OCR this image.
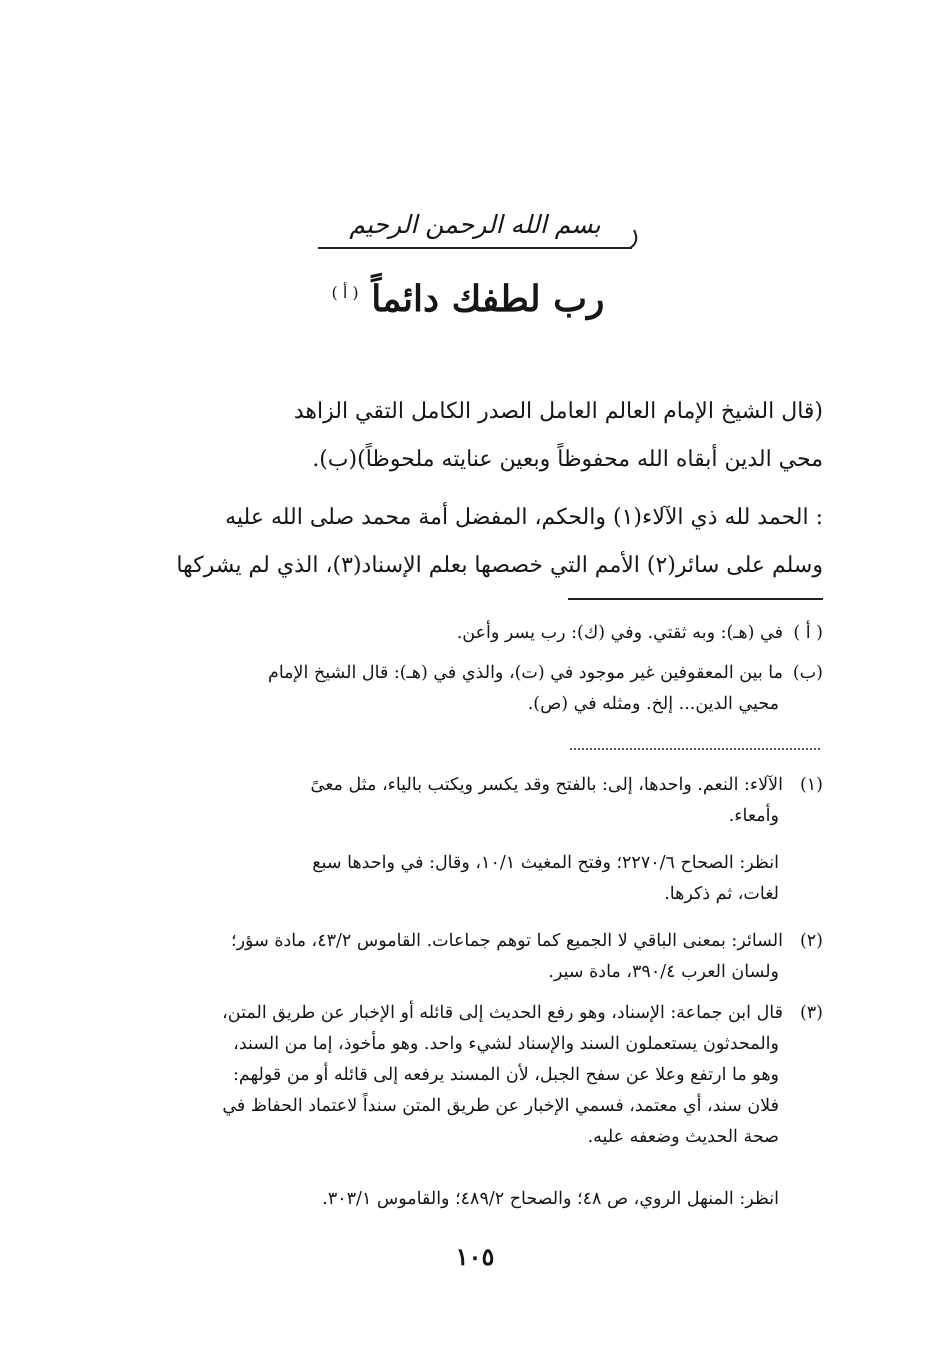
بسم الله الرحمن الرحيم
رب لطفك دائماً $^{( أ )}$
(قال الشيخ الإمام العالم العامل الصدر الكامل التقي الزاهد
محي الدين أبقاه الله محفوظاً وبعين عنايته ملحوظاً)(ب).
: الحمد لله ذي الآلاء(١) والحكم، المفضل أمة محمد صلى الله عليه
وسلم على سائر(٢) الأمم التي خصصها بعلم الإسناد(٣)، الذي لم يشركها
( أ )في (هـ): وبه ثقتي. وفي (ك): رب يسر وأعن.
(ب)ما بين المعقوفين غير موجود في (ت)، والذي في (هـ): قال الشيخ الإمام
محيي الدين... إلخ. ومثله في (ص).
(١)الآلاء: النعم. واحدها، إلى: بالفتح وقد يكسر ويكتب بالياء، مثل معىً
وأمعاء.
انظر: الصحاح ٢٢٧٠/٦؛ وفتح المغيث ١٠/١، وقال: في واحدها سبع
لغات، ثم ذكرها.
(٢)السائر: بمعنى الباقي لا الجميع كما توهم جماعات. القاموس ٤٣/٢، مادة سؤر؛
ولسان العرب ٣٩٠/٤، مادة سير.
(٣)قال ابن جماعة: الإسناد، وهو رفع الحديث إلى قائله أو الإخبار عن طريق المتن،
والمحدثون يستعملون السند والإسناد لشيء واحد. وهو مأخوذ، إما من السند،
وهو ما ارتفع وعلا عن سفح الجبل، لأن المسند يرفعه إلى قائله أو من قولهم:
فلان سند، أي معتمد، فسمي الإخبار عن طريق المتن سنداً لاعتماد الحفاظ في
صحة الحديث وضعفه عليه.
انظر: المنهل الروي، ص ٤٨؛ والصحاح ٤٨٩/٢؛ والقاموس ٣٠٣/١.
١٠٥
